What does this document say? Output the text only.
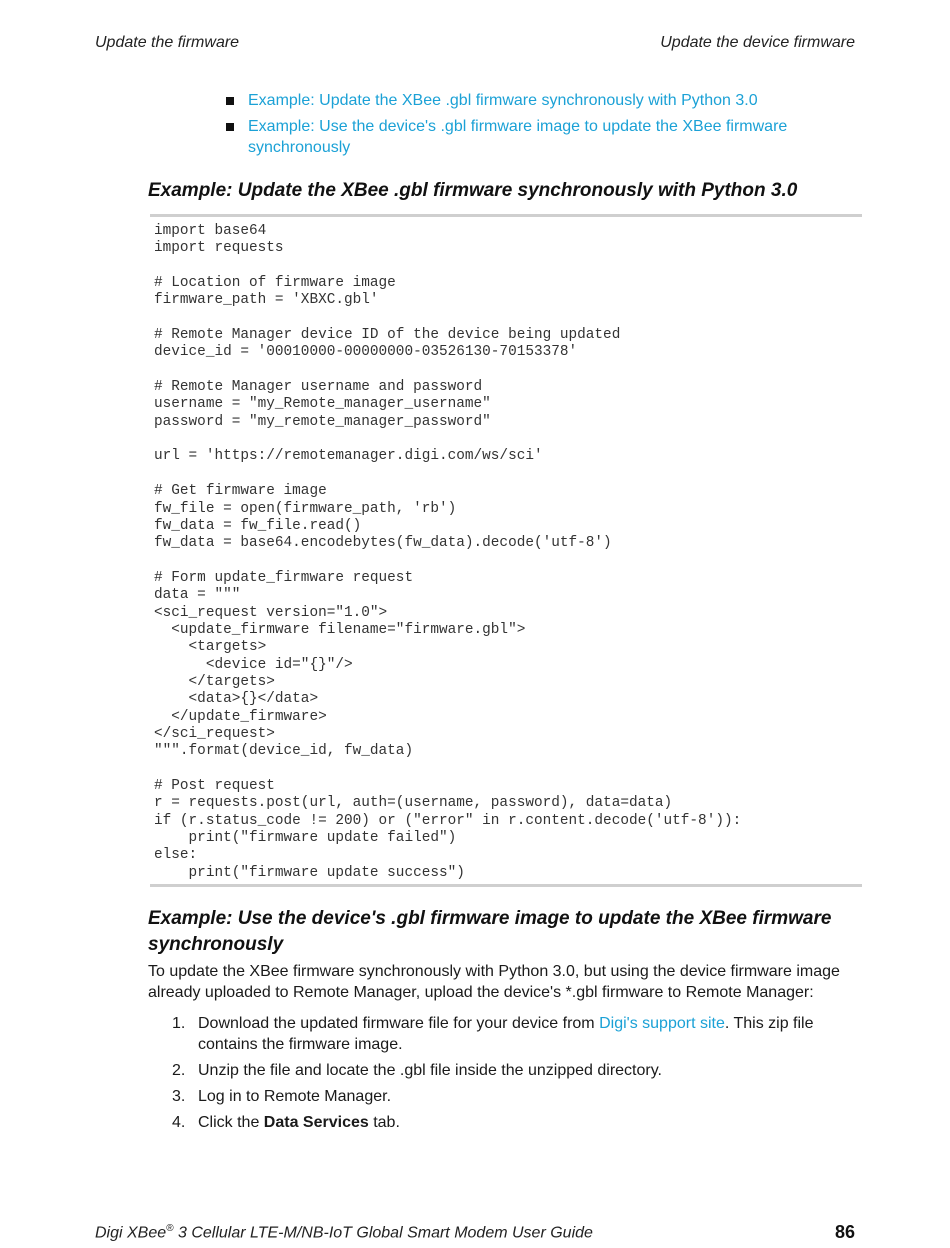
Update the firmware	Update the device firmware
Example: Update the XBee .gbl firmware synchronously with Python 3.0
Example: Use the device's .gbl firmware image to update the XBee firmware synchronously
Example: Update the XBee .gbl firmware synchronously with Python 3.0
import base64
import requests
# Location of firmware image
firmware_path = 'XBXC.gbl'
# Remote Manager device ID of the device being updated
device_id = '00010000-00000000-03526130-70153378'
# Remote Manager username and password
username = "my_Remote_manager_username"
password = "my_remote_manager_password"
url = 'https://remotemanager.digi.com/ws/sci'
# Get firmware image
fw_file = open(firmware_path, 'rb')
fw_data = fw_file.read()
fw_data = base64.encodebytes(fw_data).decode('utf-8')
# Form update_firmware request
data = """
<sci_request version="1.0">
<update_firmware filename="firmware.gbl">
<targets>
<device id="{}"/>
</targets>
<data>{}</data>
</update_firmware>
</sci_request>
""".format(device_id, fw_data)
# Post request
r = requests.post(url, auth=(username, password), data=data)
if (r.status_code != 200) or ("error" in r.content.decode('utf-8')):
print("firmware update failed")
else:
print("firmware update success")
Example: Use the device's .gbl firmware image to update the XBee firmware synchronously

To update the XBee firmware synchronously with Python 3.0, but using the device firmware image already uploaded to Remote Manager, upload the device's *.gbl firmware to Remote Manager:

1. Download the updated firmware file for your device from Digi's support site. This zip file contains the firmware image.
2. Unzip the file and locate the .gbl file inside the unzipped directory.
3. Log in to Remote Manager.
4. Click the Data Services tab.
Digi XBee® 3 Cellular LTE-M/NB-IoT Global Smart Modem User Guide	86
